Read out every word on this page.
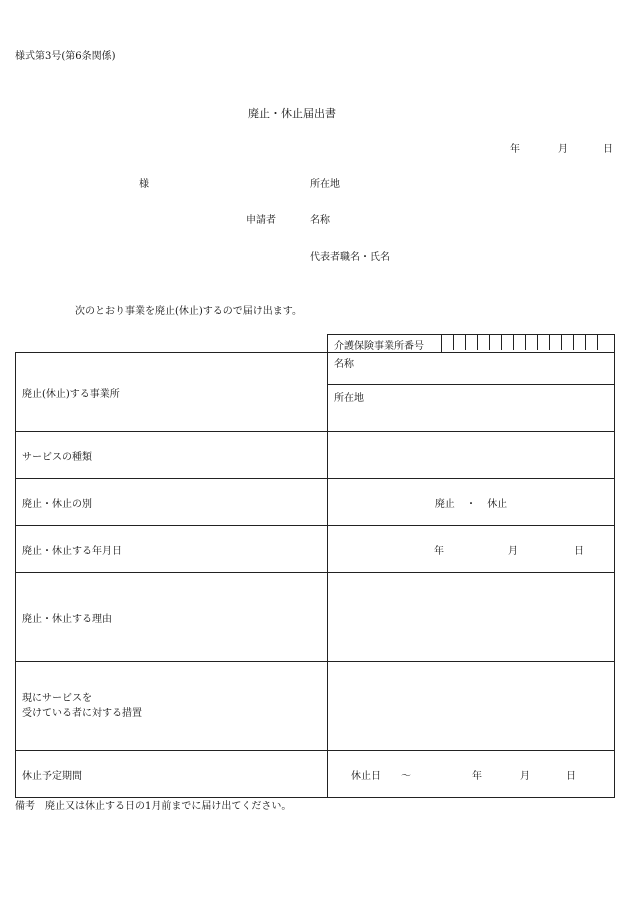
様式第3号(第6条関係)
廃止・休止届出書
年	月	日
様	所在地
申請者	名称
代表者職名・氏名
次のとおり事業を廃止(休止)するので届け出ます。

	介護保険事業所番号

廃止(休止)する事業所	名称
	所在地
サービスの種類	
廃止・休止の別	廃止 ・ 休止
廃止・休止する年月日	年 月 日
廃止・休止する理由	
現にサービスを
受けている者に対する措置	
休止予定期間	休止日 ～ 年 月 日
備考　廃止又は休止する日の1月前までに届け出てください。
